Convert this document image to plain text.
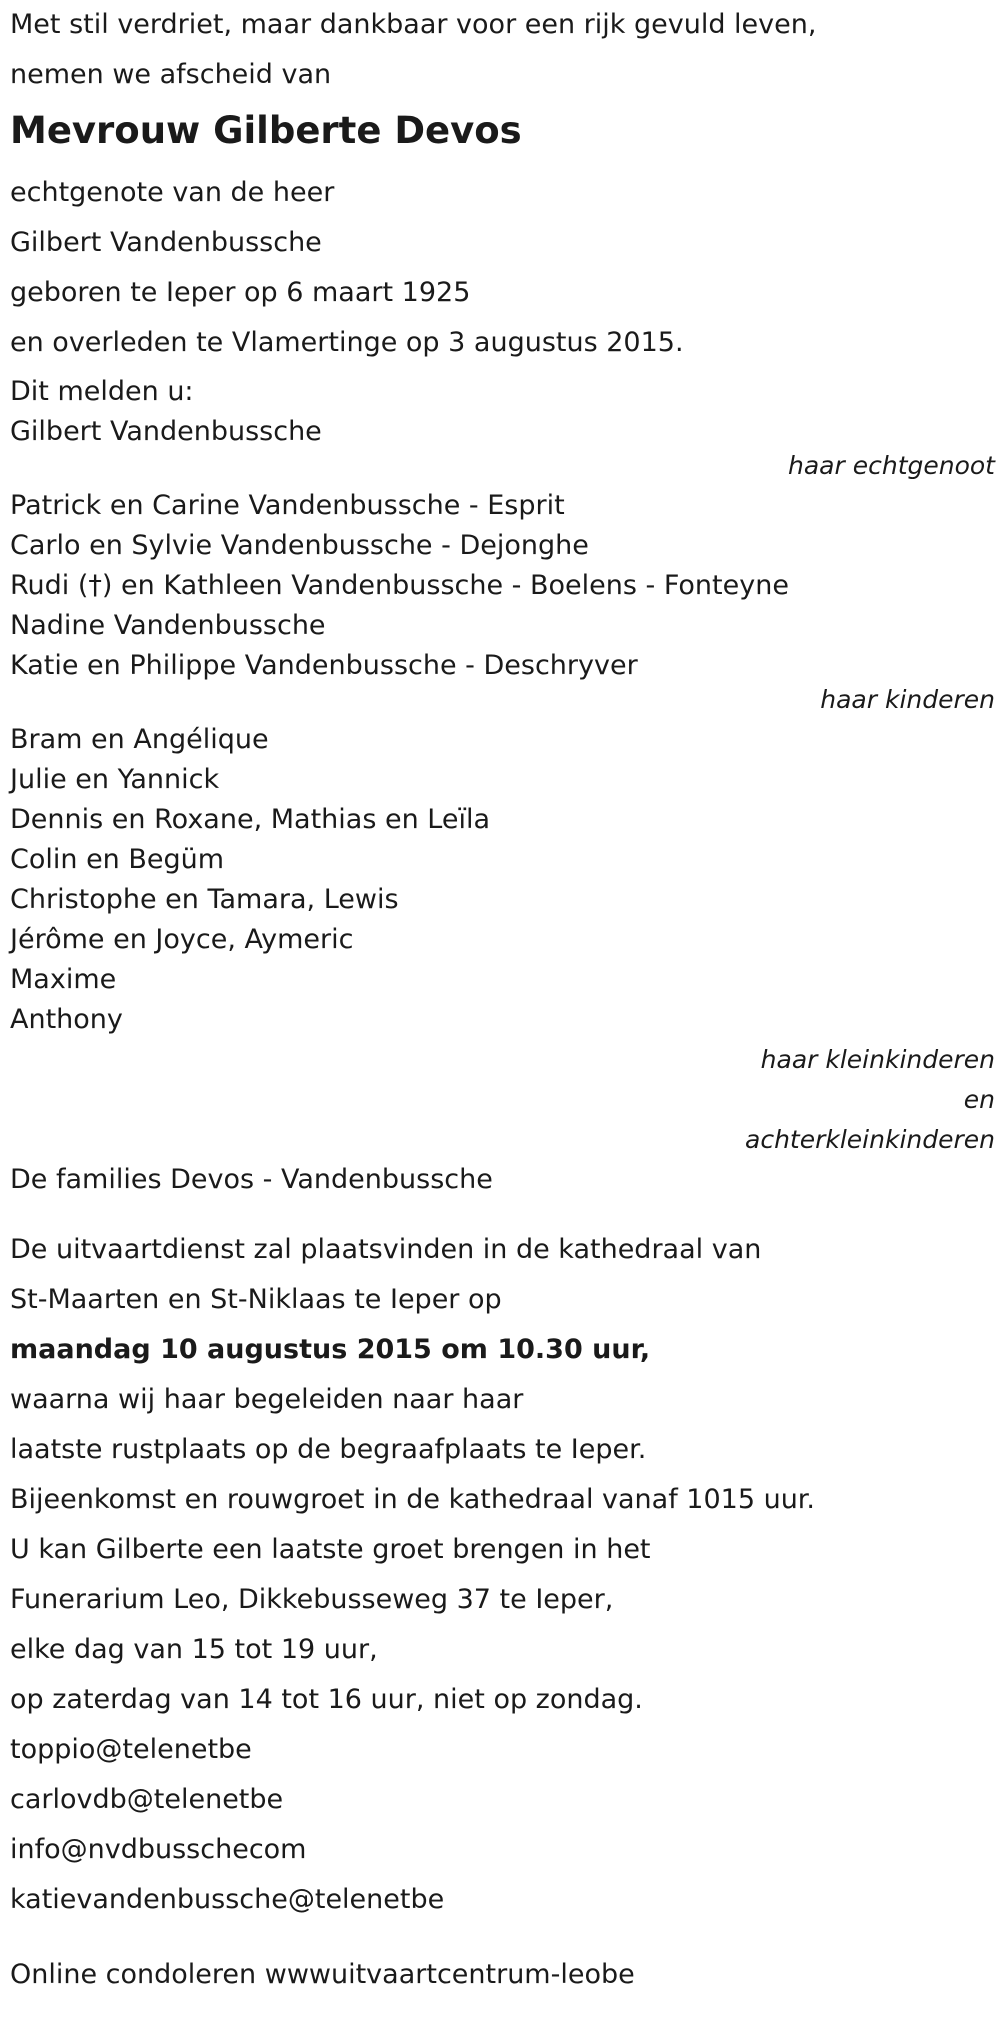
Met stil verdriet, maar dankbaar voor een rijk gevuld leven,

nemen we afscheid van

Mevrouw Gilberte Devos

echtgenote van de heer

Gilbert Vandenbussche

geboren te Ieper op 6 maart 1925

en overleden te Vlamertinge op 3 augustus 2015.

Dit melden u:

Gilbert Vandenbussche

haar echtgenoot

Patrick en Carine Vandenbussche - Esprit

Carlo en Sylvie Vandenbussche - Dejonghe

Rudi (†) en Kathleen Vandenbussche - Boelens - Fonteyne

Nadine Vandenbussche

Katie en Philippe Vandenbussche - Deschryver

haar kinderen

Bram en Angélique

Julie en Yannick

Dennis en Roxane, Mathias en Leïla

Colin en Begüm

Christophe en Tamara, Lewis

Jérôme en Joyce, Aymeric

Maxime

Anthony

haar kleinkinderen

en

achterkleinkinderen

De families Devos - Vandenbussche

De uitvaartdienst zal plaatsvinden in de kathedraal van

St-Maarten en St-Niklaas te Ieper op

maandag 10 augustus 2015 om 10.30 uur,

waarna wij haar begeleiden naar haar

laatste rustplaats op de begraafplaats te Ieper.

Bijeenkomst en rouwgroet in de kathedraal vanaf 1015 uur.

U kan Gilberte een laatste groet brengen in het

Funerarium Leo, Dikkebusseweg 37 te Ieper,

elke dag van 15 tot 19 uur,

op zaterdag van 14 tot 16 uur, niet op zondag.

toppio@telenetbe

carlovdb@telenetbe

info@nvdbusschecom

katievandenbussche@telenetbe

Online condoleren wwwuitvaartcentrum-leobe
